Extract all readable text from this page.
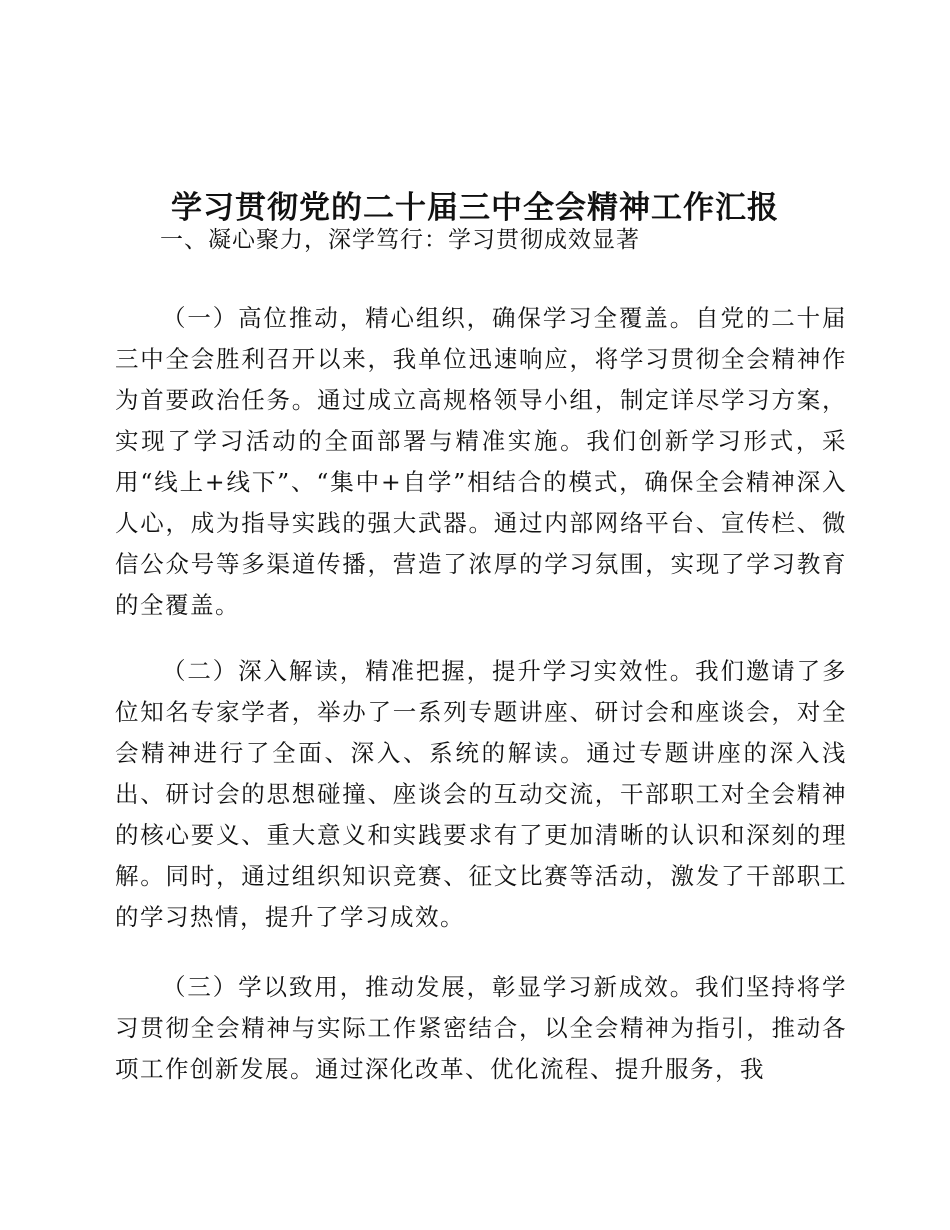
学习贯彻党的二十届三中全会精神工作汇报

一、凝心聚力，深学笃行：学习贯彻成效显著

（一）高位推动，精心组织，确保学习全覆盖。自党的二十届三中全会胜利召开以来，我单位迅速响应，将学习贯彻全会精神作为首要政治任务。通过成立高规格领导小组，制定详尽学习方案，实现了学习活动的全面部署与精准实施。我们创新学习形式，采用“线上+线下”、“集中+自学”相结合的模式，确保全会精神深入人心，成为指导实践的强大武器。通过内部网络平台、宣传栏、微信公众号等多渠道传播，营造了浓厚的学习氛围，实现了学习教育的全覆盖。

（二）深入解读，精准把握，提升学习实效性。我们邀请了多位知名专家学者，举办了一系列专题讲座、研讨会和座谈会，对全会精神进行了全面、深入、系统的解读。通过专题讲座的深入浅出、研讨会的思想碰撞、座谈会的互动交流，干部职工对全会精神的核心要义、重大意义和实践要求有了更加清晰的认识和深刻的理解。同时，通过组织知识竞赛、征文比赛等活动，激发了干部职工的学习热情，提升了学习成效。

（三）学以致用，推动发展，彰显学习新成效。我们坚持将学习贯彻全会精神与实际工作紧密结合，以全会精神为指引，推动各项工作创新发展。通过深化改革、优化流程、提升服务，我
